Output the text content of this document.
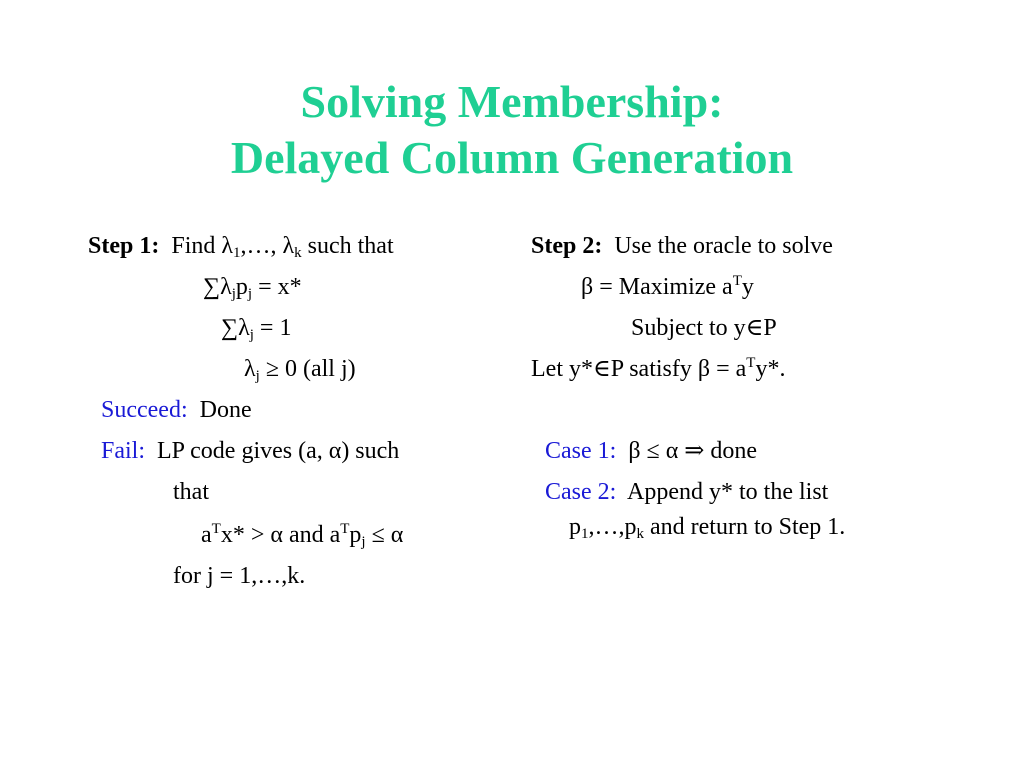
Solving Membership:
Delayed Column Generation
Step 1: Find $\lambda_1,\dots$, $\lambda_k$ such that
$\sum\lambda_jp_j = x*$
$\sum\lambda_j = 1$
$\lambda_j \ge 0$ (all j)
Succeed: Done
Fail: LP code gives (a, α) such
that
$a^Tx* > \alpha$ and $a^Tp_j \le \alpha$
for j = 1,…,k.
Step 2: Use the oracle to solve
β = Maximize $a^Ty$
Subject to y∈P
Let y*∈P satisfy $\beta = a^Ty*$.
Case 1: β ≤ α ⇒ done
Case 2: Append y* to the list
$p_1,\dots,p_k$ and return to Step 1.
